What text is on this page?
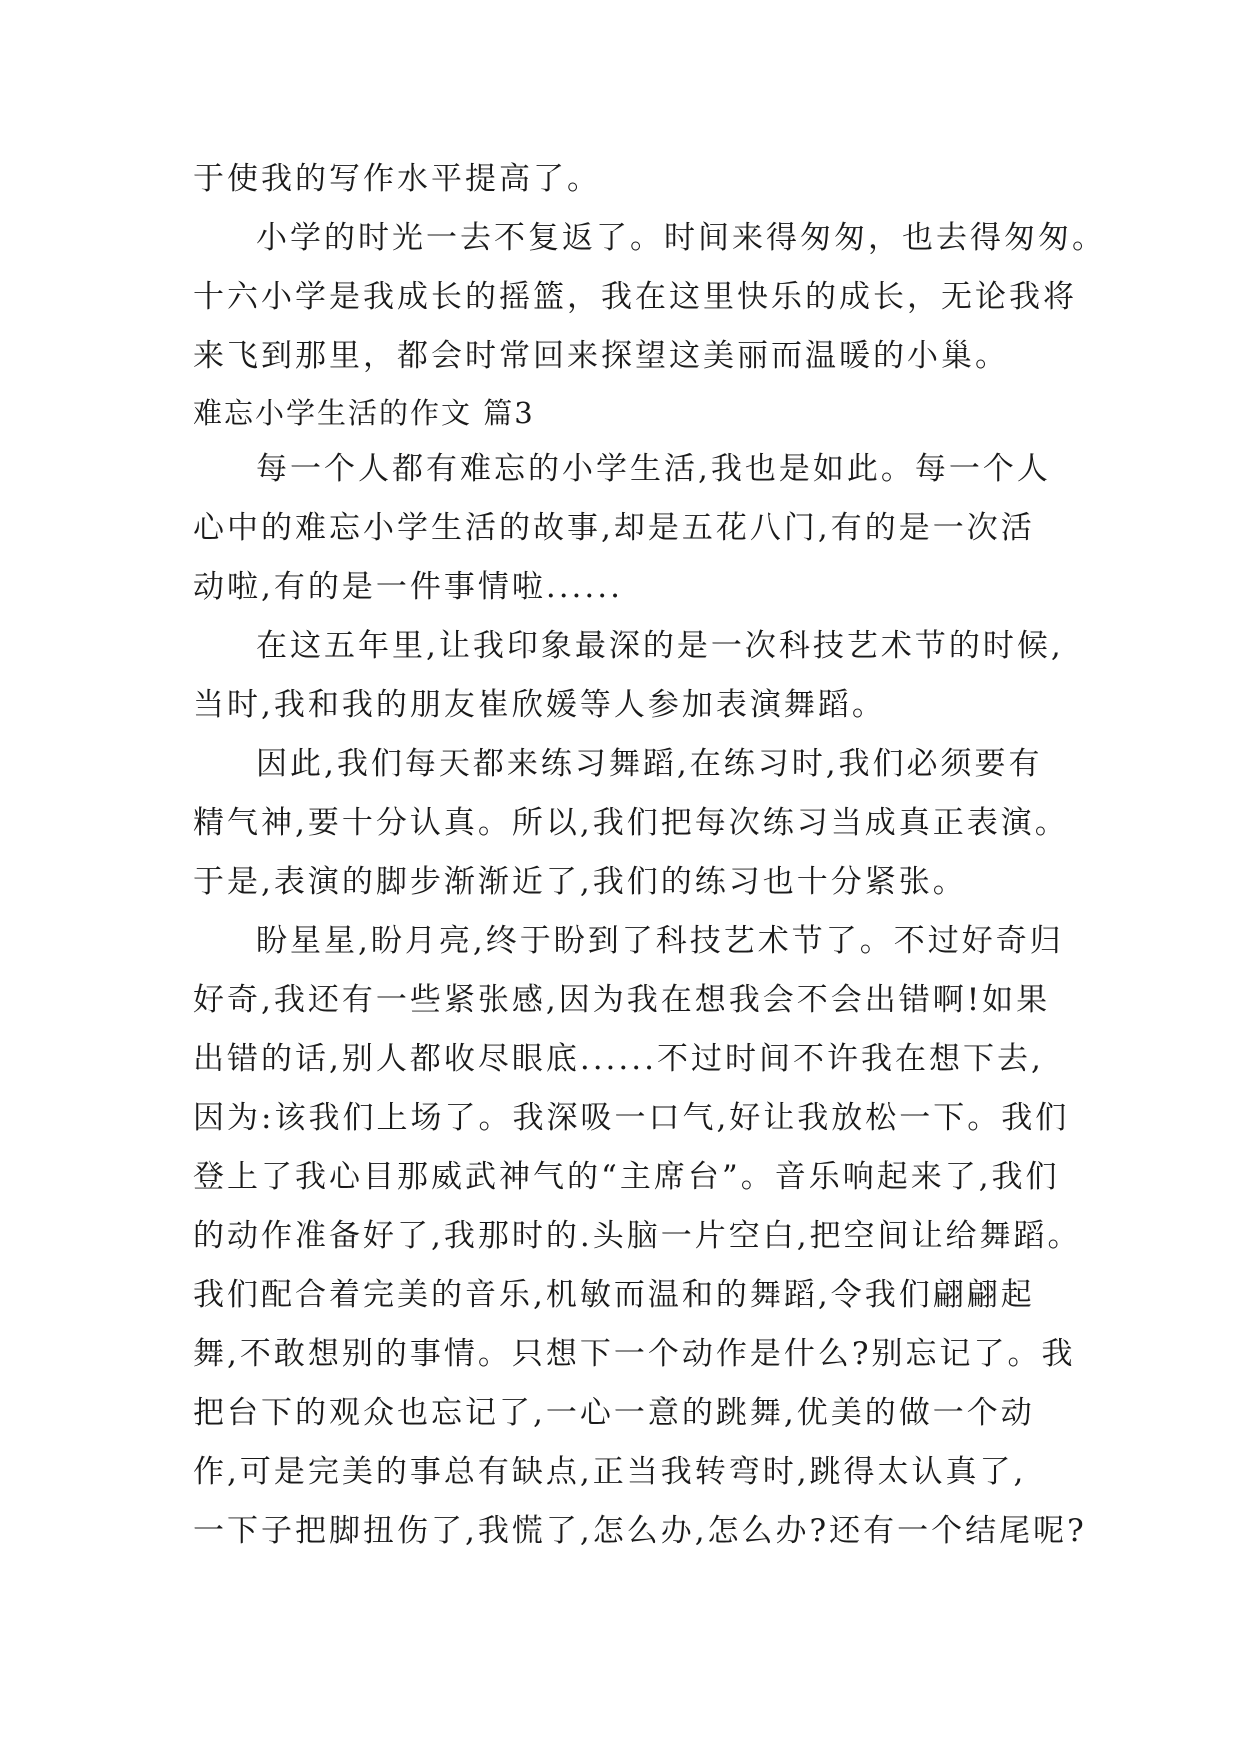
于使我的写作水平提高了。
小学的时光一去不复返了。时间来得匆匆，也去得匆匆。
十六小学是我成长的摇篮，我在这里快乐的成长，无论我将
来飞到那里，都会时常回来探望这美丽而温暖的小巢。
难忘小学生活的作文 篇3
每一个人都有难忘的小学生活,我也是如此。每一个人
心中的难忘小学生活的故事,却是五花八门,有的是一次活
动啦,有的是一件事情啦......
在这五年里,让我印象最深的是一次科技艺术节的时候,
当时,我和我的朋友崔欣媛等人参加表演舞蹈。
因此,我们每天都来练习舞蹈,在练习时,我们必须要有
精气神,要十分认真。所以,我们把每次练习当成真正表演。
于是,表演的脚步渐渐近了,我们的练习也十分紧张。
盼星星,盼月亮,终于盼到了科技艺术节了。不过好奇归
好奇,我还有一些紧张感,因为我在想我会不会出错啊!如果
出错的话,别人都收尽眼底......不过时间不许我在想下去,
因为:该我们上场了。我深吸一口气,好让我放松一下。我们
登上了我心目那威武神气的“主席台”。音乐响起来了,我们
的动作准备好了,我那时的.头脑一片空白,把空间让给舞蹈。
我们配合着完美的音乐,机敏而温和的舞蹈,令我们翩翩起
舞,不敢想别的事情。只想下一个动作是什么?别忘记了。我
把台下的观众也忘记了,一心一意的跳舞,优美的做一个动
作,可是完美的事总有缺点,正当我转弯时,跳得太认真了,
一下子把脚扭伤了,我慌了,怎么办,怎么办?还有一个结尾呢?
